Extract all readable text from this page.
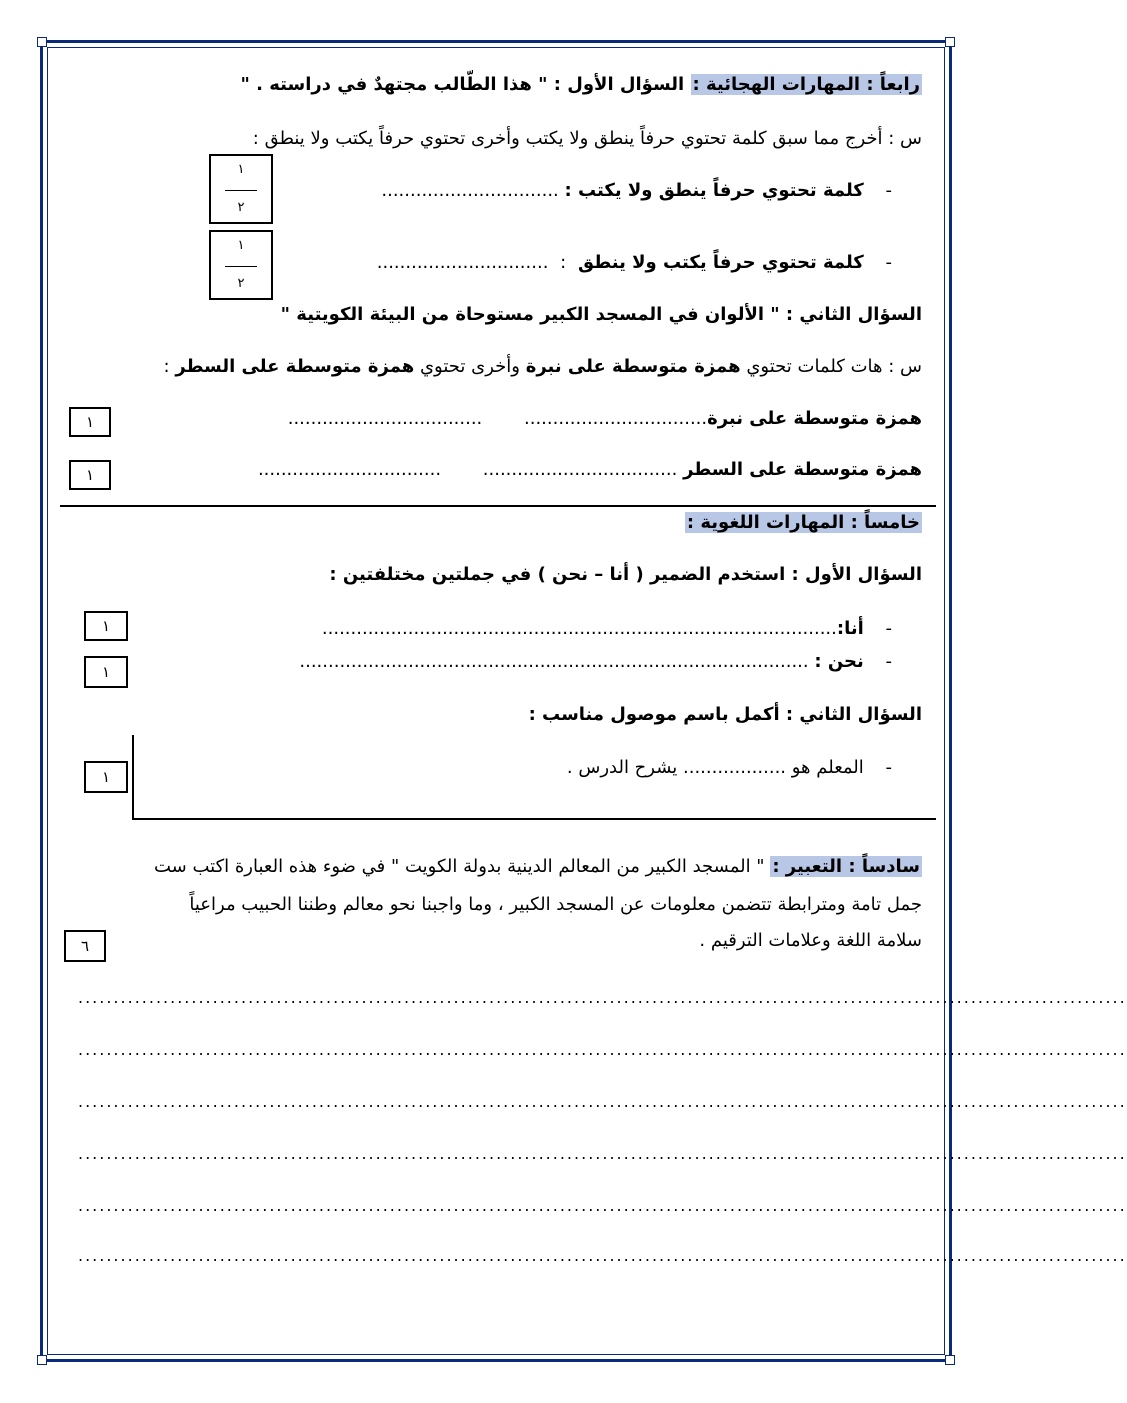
رابعاً : المهارات الهجائية : السؤال الأول : " هذا الطّالب مجتهدٌ في دراسته . "
س : أخرج مما سبق كلمة تحتوي حرفاً ينطق ولا يكتب وأخرى تحتوي حرفاً يكتب ولا ينطق :
- كلمة تحتوي حرفاً ينطق ولا يكتب : ...............................
١
٢
- كلمة تحتوي حرفاً يكتب ولا ينطق : ..............................
١
٢
السؤال الثاني : " الألوان في المسجد الكبير مستوحاة من البيئة الكويتية "
س : هات كلمات تحتوي همزة متوسطة على نبرة وأخرى تحتوي همزة متوسطة على السطر :
همزة متوسطة على نبرة................................ ..................................
١
همزة متوسطة على السطر .................................. ................................
١
خامساً : المهارات اللغوية :
السؤال الأول : استخدم الضمير ( أنا – نحن ) في جملتين مختلفتين :
- أنا:..........................................................................................
١
- نحن : .........................................................................................
١
السؤال الثاني : أكمل باسم موصول مناسب :
- المعلم هو .................. يشرح الدرس .
١
سادساً : التعبير : " المسجد الكبير من المعالم الدينية بدولة الكويت " في ضوء هذه العبارة اكتب ست
جمل تامة ومترابطة تتضمن معلومات عن المسجد الكبير ، وما واجبنا نحو معالم وطننا الحبيب مراعياً
سلامة اللغة وعلامات الترقيم .
٦
....................................................................................................................................................
....................................................................................................................................................
....................................................................................................................................................
....................................................................................................................................................
....................................................................................................................................................
....................................................................................................................................................
